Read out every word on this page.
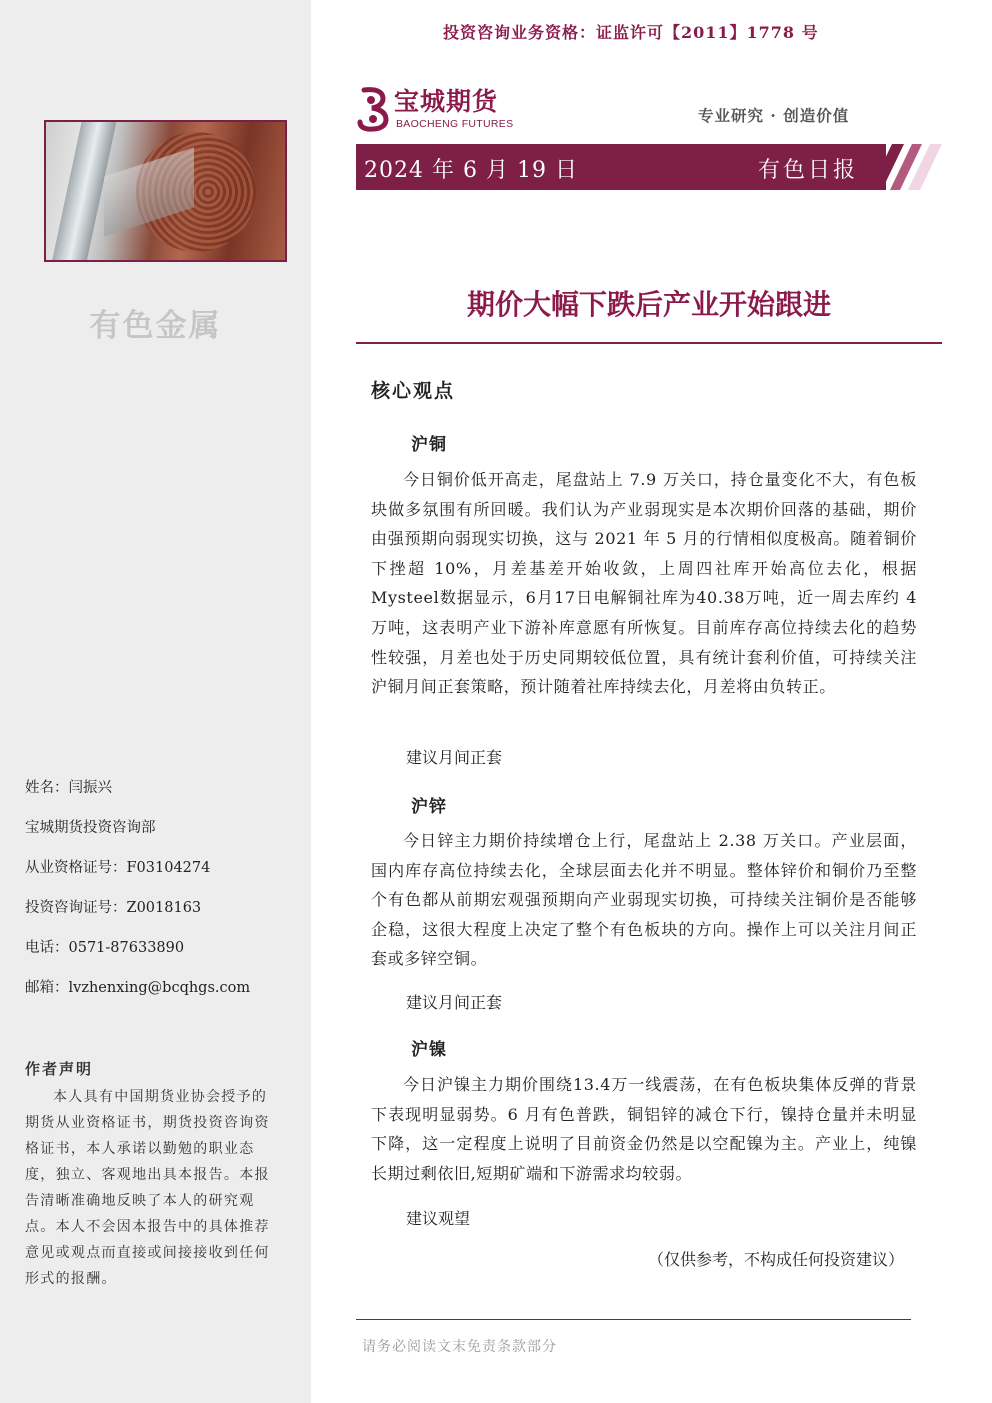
有色金属
姓名：闫振兴
宝城期货投资咨询部
从业资格证号：F03104274
投资咨询证号：Z0018163
电话：0571-87633890
邮箱：lvzhenxing@bcqhgs.com
作者声明
本人具有中国期货业协会授予的期货从业资格证书，期货投资咨询资格证书，本人承诺以勤勉的职业态度，独立、客观地出具本报告。本报告清晰准确地反映了本人的研究观点。本人不会因本报告中的具体推荐意见或观点而直接或间接接收到任何形式的报酬。
投资咨询业务资格：证监许可【2011】1778 号
宝城期货
BAOCHENG FUTURES	专业研究 · 创造价值
2024 年 6 月 19 日	有色日报
期价大幅下跌后产业开始跟进
核心观点
沪铜
今日铜价低开高走，尾盘站上 7.9 万关口，持仓量变化不大，有色板块做多氛围有所回暖。我们认为产业弱现实是本次期价回落的基础，期价由强预期向弱现实切换，这与 2021 年 5 月的行情相似度极高。随着铜价下挫超 10%，月差基差开始收敛，上周四社库开始高位去化，根据Mysteel数据显示，6月17日电解铜社库为40.38万吨，近一周去库约 4 万吨，这表明产业下游补库意愿有所恢复。目前库存高位持续去化的趋势性较强，月差也处于历史同期较低位置，具有统计套利价值，可持续关注沪铜月间正套策略，预计随着社库持续去化，月差将由负转正。
建议月间正套
沪锌
今日锌主力期价持续增仓上行，尾盘站上 2.38 万关口。产业层面，国内库存高位持续去化，全球层面去化并不明显。整体锌价和铜价乃至整个有色都从前期宏观强预期向产业弱现实切换，可持续关注铜价是否能够企稳，这很大程度上决定了整个有色板块的方向。操作上可以关注月间正套或多锌空铜。
建议月间正套
沪镍
今日沪镍主力期价围绕13.4万一线震荡，在有色板块集体反弹的背景下表现明显弱势。6 月有色普跌，铜铝锌的减仓下行，镍持仓量并未明显下降，这一定程度上说明了目前资金仍然是以空配镍为主。产业上，纯镍长期过剩依旧,短期矿端和下游需求均较弱。
建议观望
（仅供参考，不构成任何投资建议）
请务必阅读文末免责条款部分
